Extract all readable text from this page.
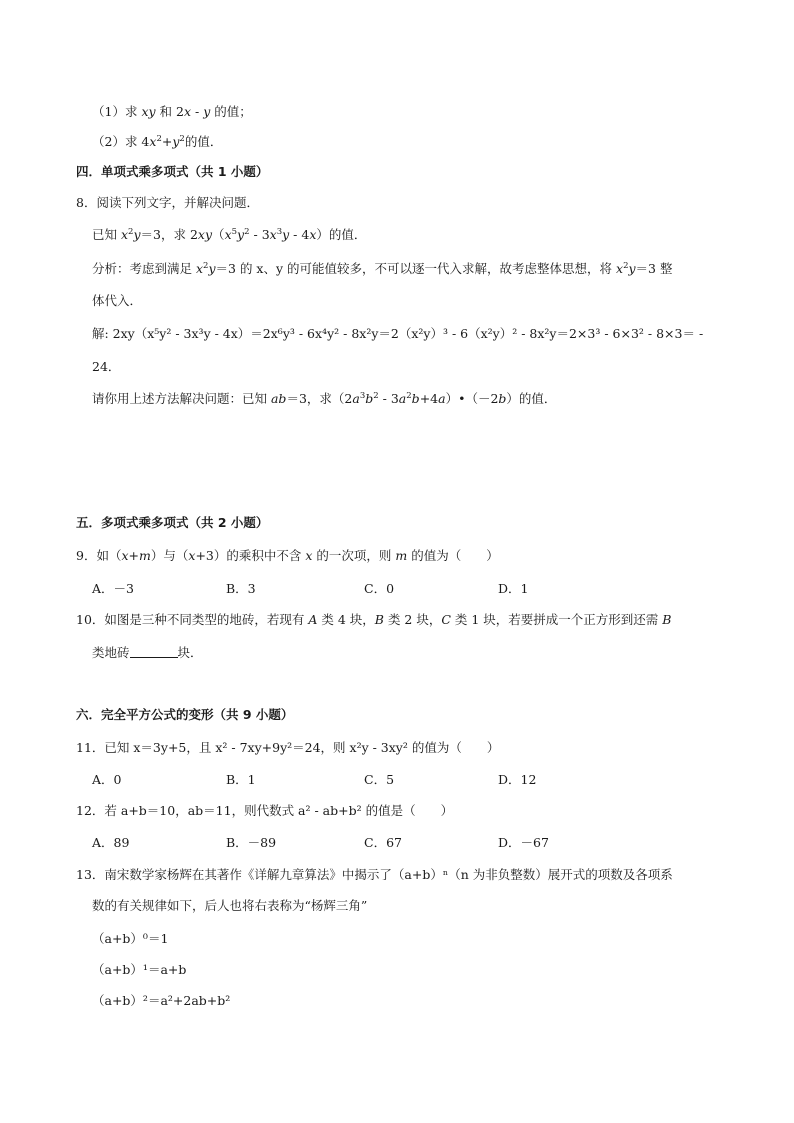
（1）求 xy 和 2x - y 的值；
（2）求 $4x^2+y^2$的值．
四．单项式乘多项式（共 1 小题）
8．阅读下列文字，并解决问题．
已知 $x^2y=3$，求 $2xy(x^5y^2 - 3x^3y - 4x)$的值．
分析：考虑到满足 $x^2y=3$ 的 x、y 的可能值较多，不可以逐一代入求解，故考虑整体思想，将 $x^2y=3$ 整
体代入．
解: 2xy（x⁵y² - 3x³y - 4x）＝2x⁶y³ - 6x⁴y² - 8x²y＝2（x²y）³ - 6（x²y）² - 8x²y＝2×3³ - 6×3² - 8×3＝ -
24．
请你用上述方法解决问题：已知 ab＝3，求（$2a^3b^2$ - $3a^2b+4a)•(-2b)$的值．
五．多项式乘多项式（共 2 小题）
9．如（x+m）与（x+3）的乘积中不含 x 的一次项，则 m 的值为（　　）
A．－3	B．3	C．0	D．1
10．如图是三种不同类型的地砖，若现有 A 类 4 块，B 类 2 块，C 类 1 块，若要拼成一个正方形到还需 B
类地砖	块．
六．完全平方公式的变形（共 9 小题）
11．已知 x＝3y+5，且 x² - 7xy+9y²＝24，则 x²y - 3xy² 的值为（　　）
A．0	B．1	C．5	D．12
12．若 a+b＝10，ab＝11，则代数式 a² - ab+b² 的值是（　　）
A．89	B．－89	C．67	D．－67
13．南宋数学家杨辉在其著作《详解九章算法》中揭示了（a+b）ⁿ（n 为非负整数）展开式的项数及各项系
数的有关规律如下，后人也将右表称为“杨辉三角”
（a+b）⁰＝1
（a+b）¹＝a+b
（a+b）²＝a²+2ab+b²
